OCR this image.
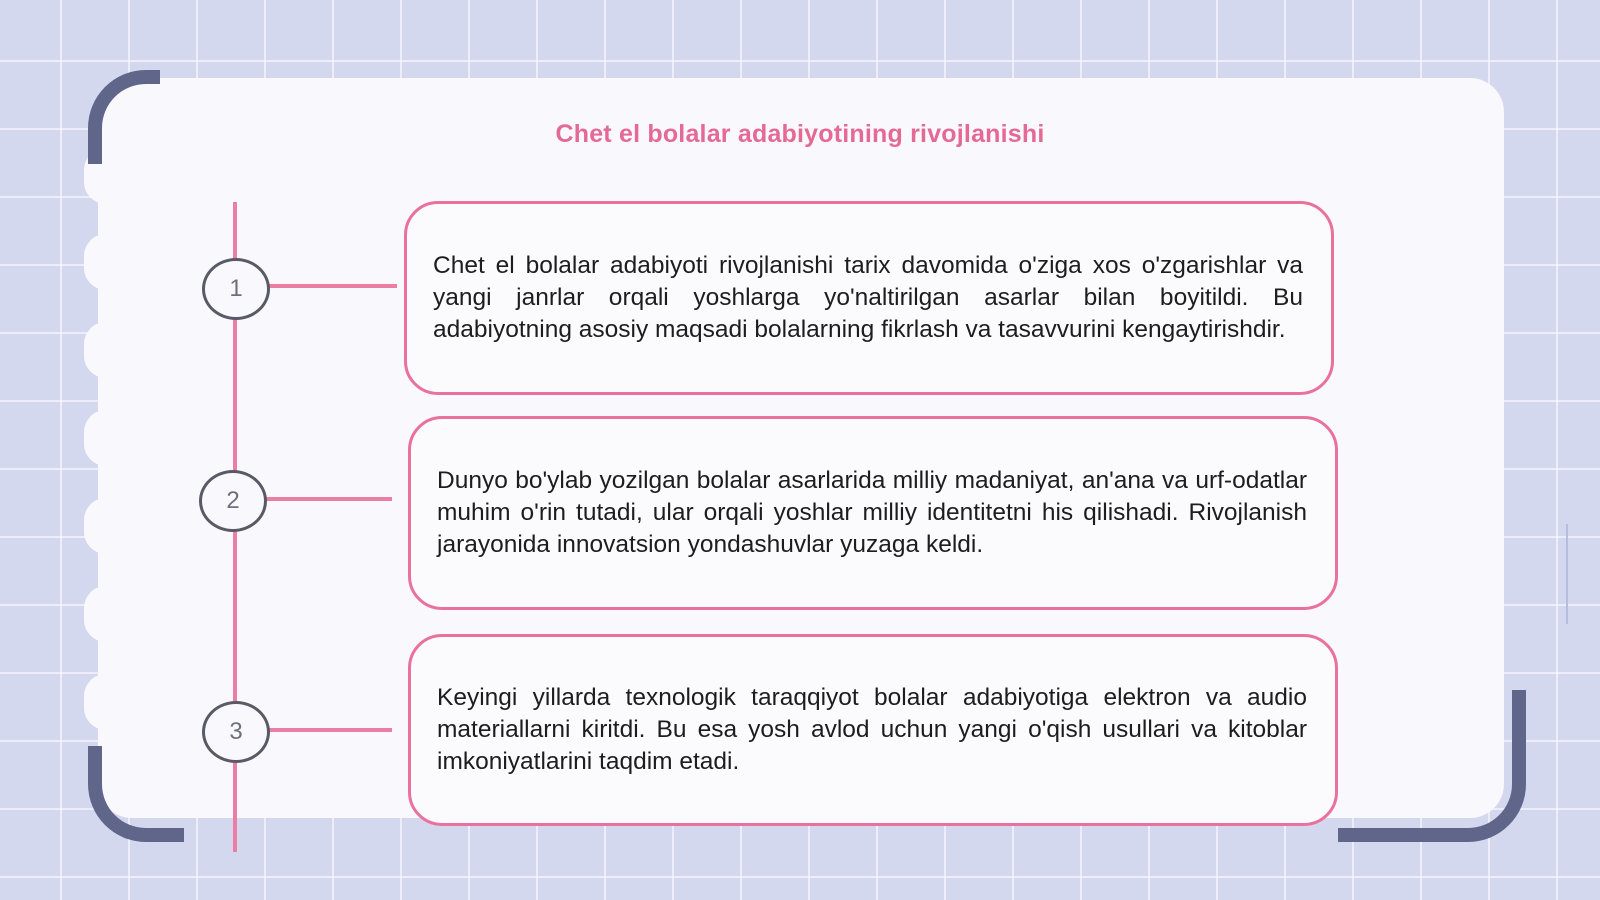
Chet el bolalar adabiyotining rivojlanishi
1

Chet el bolalar adabiyoti rivojlanishi tarix davomida o'ziga xos o'zgarishlar va yangi janrlar orqali yoshlarga yo'naltirilgan asarlar bilan boyitildi. Bu adabiyotning asosiy maqsadi bolalarning fikrlash va tasavvurini kengaytirishdir.

2

Dunyo bo'ylab yozilgan bolalar asarlarida milliy madaniyat, an'ana va urf-odatlar muhim o'rin tutadi, ular orqali yoshlar milliy identitetni his qilishadi. Rivojlanish jarayonida innovatsion yondashuvlar yuzaga keldi.

3

Keyingi yillarda texnologik taraqqiyot bolalar adabiyotiga elektron va audio materiallarni kiritdi. Bu esa yosh avlod uchun yangi o'qish usullari va kitoblar imkoniyatlarini taqdim etadi.
